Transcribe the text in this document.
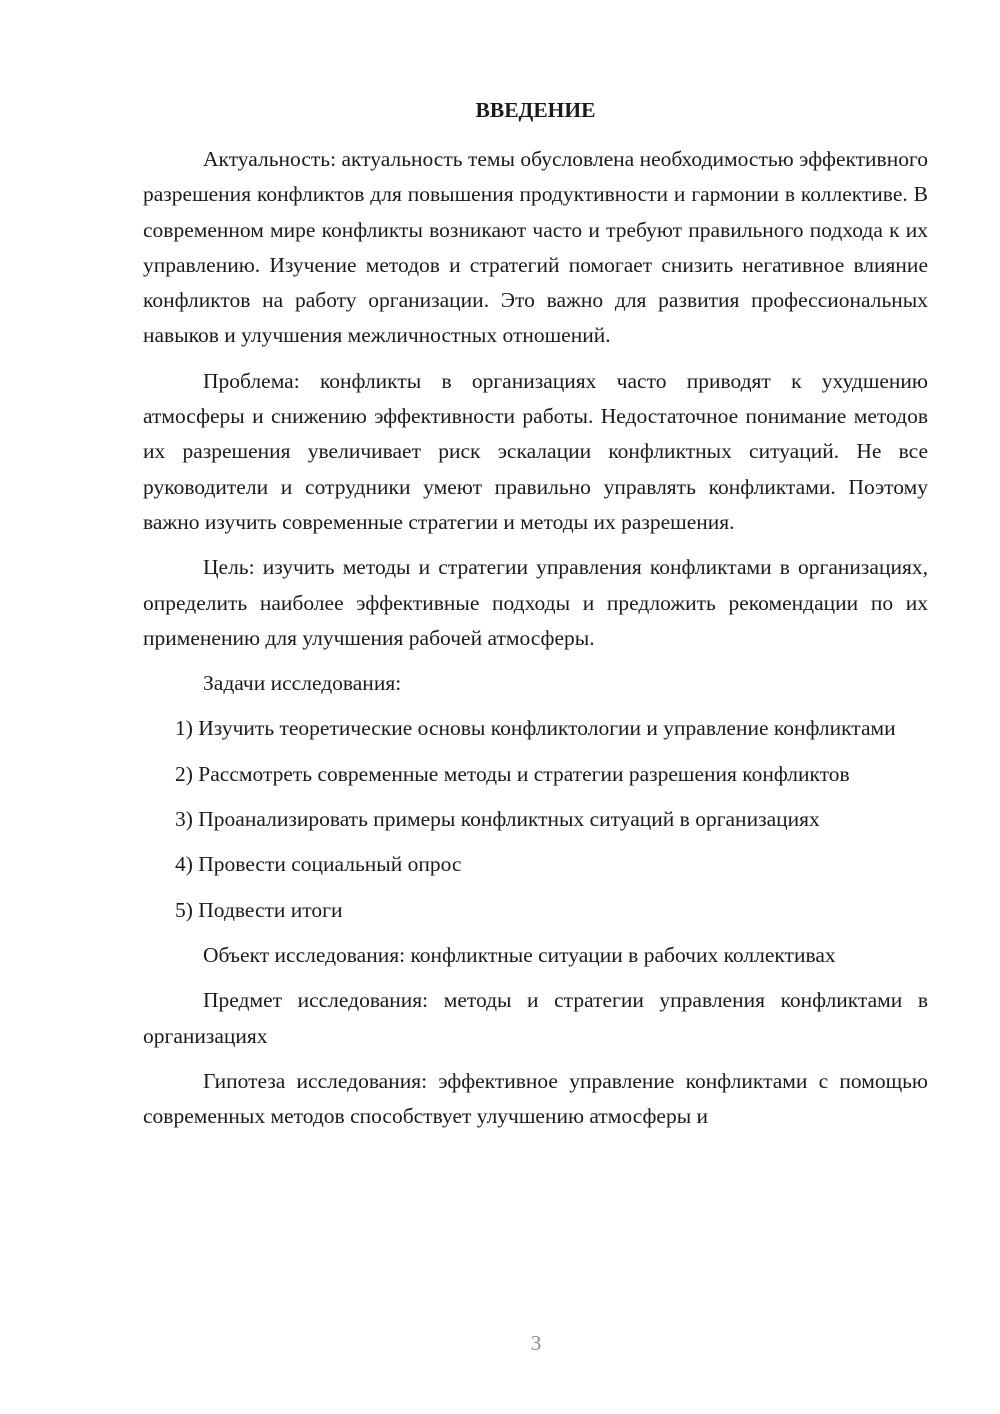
ВВЕДЕНИЕ

Актуальность: актуальность темы обусловлена необходимостью эффективного разрешения конфликтов для повышения продуктивности и гармонии в коллективе. В современном мире конфликты возникают часто и требуют правильного подхода к их управлению. Изучение методов и стратегий помогает снизить негативное влияние конфликтов на работу организации. Это важно для развития профессиональных навыков и улучшения межличностных отношений.

Проблема: конфликты в организациях часто приводят к ухудшению атмосферы и снижению эффективности работы. Недостаточное понимание методов их разрешения увеличивает риск эскалации конфликтных ситуаций. Не все руководители и сотрудники умеют правильно управлять конфликтами. Поэтому важно изучить современные стратегии и методы их разрешения.

Цель: изучить методы и стратегии управления конфликтами в организациях, определить наиболее эффективные подходы и предложить рекомендации по их применению для улучшения рабочей атмосферы.

Задачи исследования:

1) Изучить теоретические основы конфликтологии и управление конфликтами

2) Рассмотреть современные методы и стратегии разрешения конфликтов

3) Проанализировать примеры конфликтных ситуаций в организациях

4) Провести социальный опрос

5) Подвести итоги

Объект исследования: конфликтные ситуации в рабочих коллективах

Предмет исследования: методы и стратегии управления конфликтами в организациях

Гипотеза исследования: эффективное управление конфликтами с помощью современных методов способствует улучшению атмосферы и

3
